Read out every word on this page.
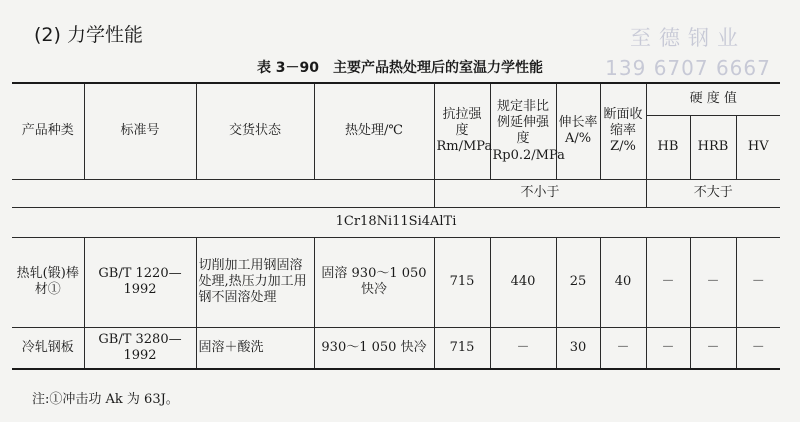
(2) 力学性能	至德钢业
139 6707 6667
表 3－90　主要产品热处理后的室温力学性能
产品种类	标准号	交货状态	热处理/℃	抗拉强度Rm/MPa	规定非比例延伸强度Rp0.2/MPa	伸长率A/%	断面收缩率Z/%	硬 度 值		
								HB	HRB	HV
				不小于				不大于		
1Cr18Ni11Si4AlTi										
热轧(锻)棒材①	GB/T 1220—1992	切削加工用钢固溶处理,热压力加工用钢不固溶处理	固溶 930～1 050 快冷	715	440	25	40	－	－	－
冷轧钢板	GB/T 3280—1992	固溶＋酸洗	930～1 050 快冷	715	－	30	－	－	－	－
注:①冲击功 Ak 为 63J。
